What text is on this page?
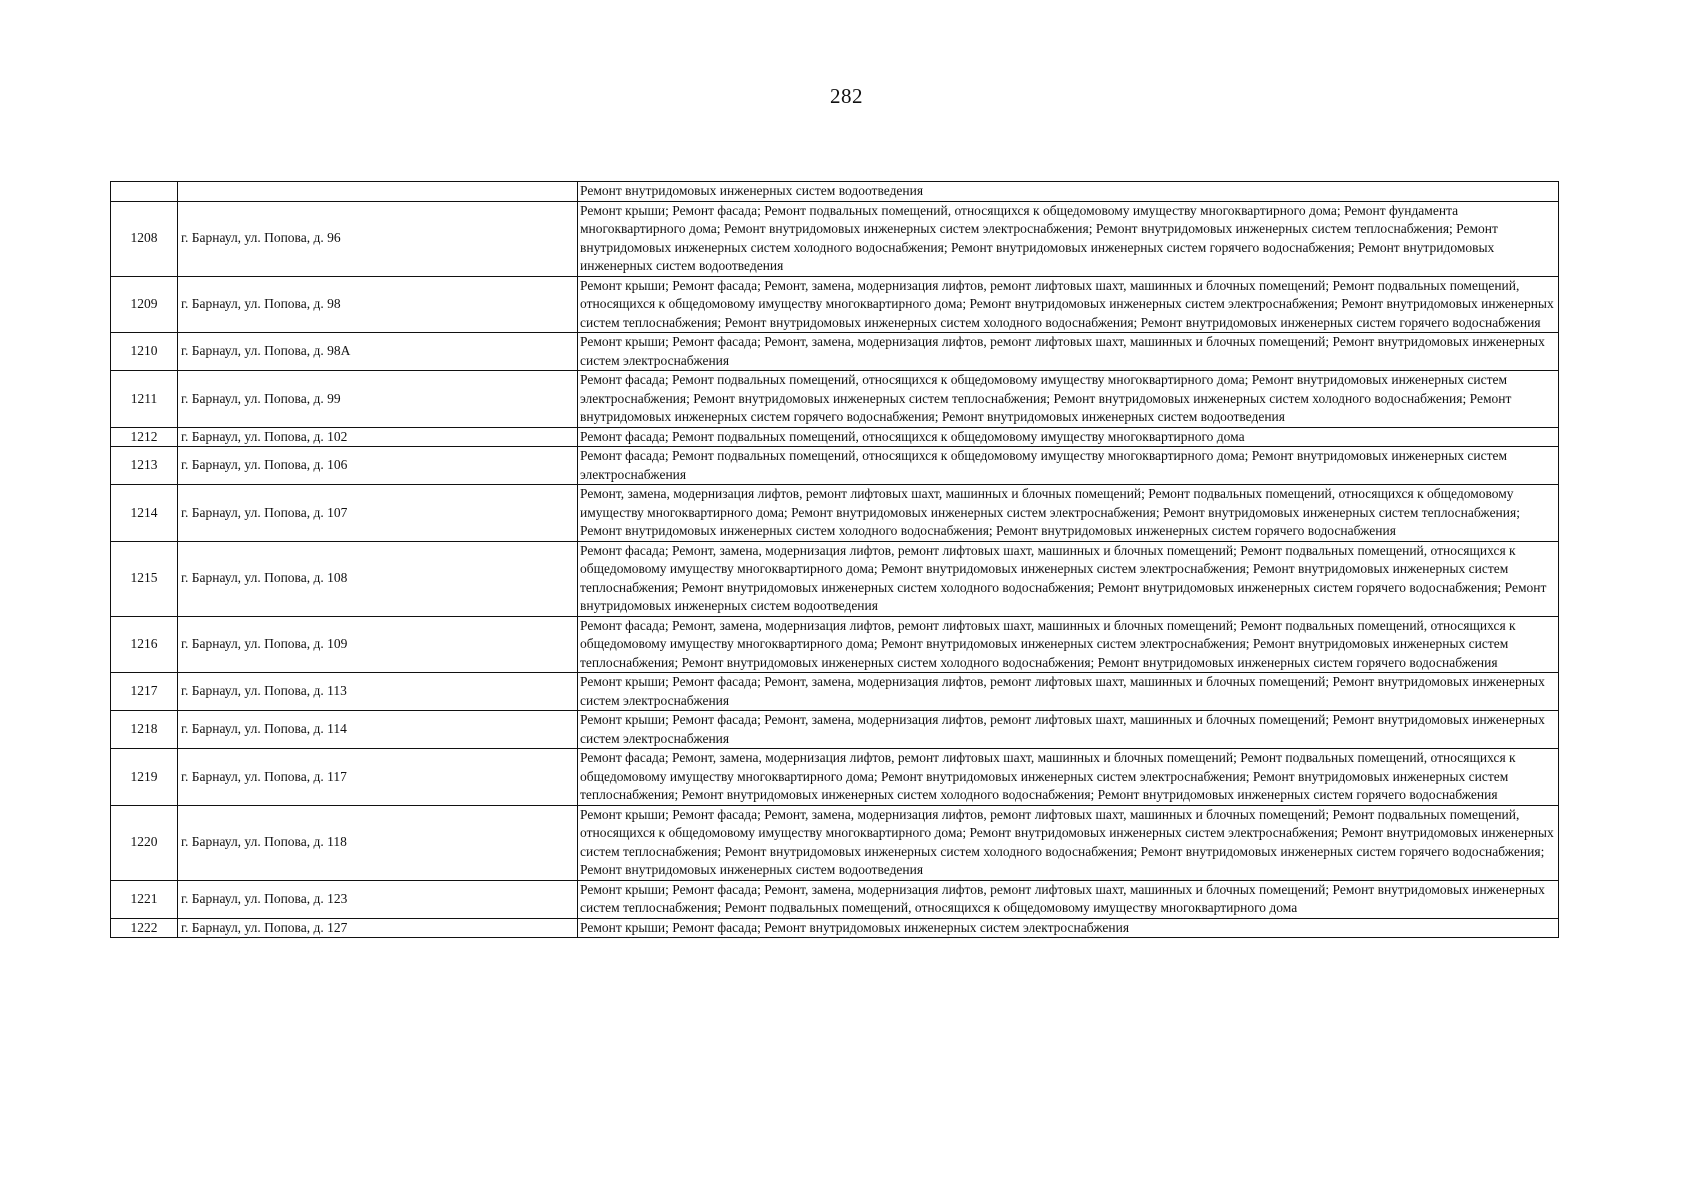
282
		Ремонт внутридомовых инженерных систем водоотведения
1208	г. Барнаул, ул. Попова, д. 96	Ремонт крыши; Ремонт фасада; Ремонт подвальных помещений, относящихся к общедомовому имуществу многоквартирного дома; Ремонт фундамента многоквартирного дома; Ремонт внутридомовых инженерных систем электроснабжения; Ремонт внутридомовых инженерных систем теплоснабжения; Ремонт внутридомовых инженерных систем холодного водоснабжения; Ремонт внутридомовых инженерных систем горячего водоснабжения; Ремонт внутридомовых инженерных систем водоотведения
1209	г. Барнаул, ул. Попова, д. 98	Ремонт крыши; Ремонт фасада; Ремонт, замена, модернизация лифтов, ремонт лифтовых шахт, машинных и блочных помещений; Ремонт подвальных помещений, относящихся к общедомовому имуществу многоквартирного дома; Ремонт внутридомовых инженерных систем электроснабжения; Ремонт внутридомовых инженерных систем теплоснабжения; Ремонт внутридомовых инженерных систем холодного водоснабжения; Ремонт внутридомовых инженерных систем горячего водоснабжения
1210	г. Барнаул, ул. Попова, д. 98А	Ремонт крыши; Ремонт фасада; Ремонт, замена, модернизация лифтов, ремонт лифтовых шахт, машинных и блочных помещений; Ремонт внутридомовых инженерных систем электроснабжения
1211	г. Барнаул, ул. Попова, д. 99	Ремонт фасада; Ремонт подвальных помещений, относящихся к общедомовому имуществу многоквартирного дома; Ремонт внутридомовых инженерных систем электроснабжения; Ремонт внутридомовых инженерных систем теплоснабжения; Ремонт внутридомовых инженерных систем холодного водоснабжения; Ремонт внутридомовых инженерных систем горячего водоснабжения; Ремонт внутридомовых инженерных систем водоотведения
1212	г. Барнаул, ул. Попова, д. 102	Ремонт фасада; Ремонт подвальных помещений, относящихся к общедомовому имуществу многоквартирного дома
1213	г. Барнаул, ул. Попова, д. 106	Ремонт фасада; Ремонт подвальных помещений, относящихся к общедомовому имуществу многоквартирного дома; Ремонт внутридомовых инженерных систем электроснабжения
1214	г. Барнаул, ул. Попова, д. 107	Ремонт, замена, модернизация лифтов, ремонт лифтовых шахт, машинных и блочных помещений; Ремонт подвальных помещений, относящихся к общедомовому имуществу многоквартирного дома; Ремонт внутридомовых инженерных систем электроснабжения; Ремонт внутридомовых инженерных систем теплоснабжения; Ремонт внутридомовых инженерных систем холодного водоснабжения; Ремонт внутридомовых инженерных систем горячего водоснабжения
1215	г. Барнаул, ул. Попова, д. 108	Ремонт фасада; Ремонт, замена, модернизация лифтов, ремонт лифтовых шахт, машинных и блочных помещений; Ремонт подвальных помещений, относящихся к общедомовому имуществу многоквартирного дома; Ремонт внутридомовых инженерных систем электроснабжения; Ремонт внутридомовых инженерных систем теплоснабжения; Ремонт внутридомовых инженерных систем холодного водоснабжения; Ремонт внутридомовых инженерных систем горячего водоснабжения; Ремонт внутридомовых инженерных систем водоотведения
1216	г. Барнаул, ул. Попова, д. 109	Ремонт фасада; Ремонт, замена, модернизация лифтов, ремонт лифтовых шахт, машинных и блочных помещений; Ремонт подвальных помещений, относящихся к общедомовому имуществу многоквартирного дома; Ремонт внутридомовых инженерных систем электроснабжения; Ремонт внутридомовых инженерных систем теплоснабжения; Ремонт внутридомовых инженерных систем холодного водоснабжения; Ремонт внутридомовых инженерных систем горячего водоснабжения
1217	г. Барнаул, ул. Попова, д. 113	Ремонт крыши; Ремонт фасада; Ремонт, замена, модернизация лифтов, ремонт лифтовых шахт, машинных и блочных помещений; Ремонт внутридомовых инженерных систем электроснабжения
1218	г. Барнаул, ул. Попова, д. 114	Ремонт крыши; Ремонт фасада; Ремонт, замена, модернизация лифтов, ремонт лифтовых шахт, машинных и блочных помещений; Ремонт внутридомовых инженерных систем электроснабжения
1219	г. Барнаул, ул. Попова, д. 117	Ремонт фасада; Ремонт, замена, модернизация лифтов, ремонт лифтовых шахт, машинных и блочных помещений; Ремонт подвальных помещений, относящихся к общедомовому имуществу многоквартирного дома; Ремонт внутридомовых инженерных систем электроснабжения; Ремонт внутридомовых инженерных систем теплоснабжения; Ремонт внутридомовых инженерных систем холодного водоснабжения; Ремонт внутридомовых инженерных систем горячего водоснабжения
1220	г. Барнаул, ул. Попова, д. 118	Ремонт крыши; Ремонт фасада; Ремонт, замена, модернизация лифтов, ремонт лифтовых шахт, машинных и блочных помещений; Ремонт подвальных помещений, относящихся к общедомовому имуществу многоквартирного дома; Ремонт внутридомовых инженерных систем электроснабжения; Ремонт внутридомовых инженерных систем теплоснабжения; Ремонт внутридомовых инженерных систем холодного водоснабжения; Ремонт внутридомовых инженерных систем горячего водоснабжения; Ремонт внутридомовых инженерных систем водоотведения
1221	г. Барнаул, ул. Попова, д. 123	Ремонт крыши; Ремонт фасада; Ремонт, замена, модернизация лифтов, ремонт лифтовых шахт, машинных и блочных помещений; Ремонт внутридомовых инженерных систем теплоснабжения; Ремонт подвальных помещений, относящихся к общедомовому имуществу многоквартирного дома
1222	г. Барнаул, ул. Попова, д. 127	Ремонт крыши; Ремонт фасада; Ремонт внутридомовых инженерных систем электроснабжения
